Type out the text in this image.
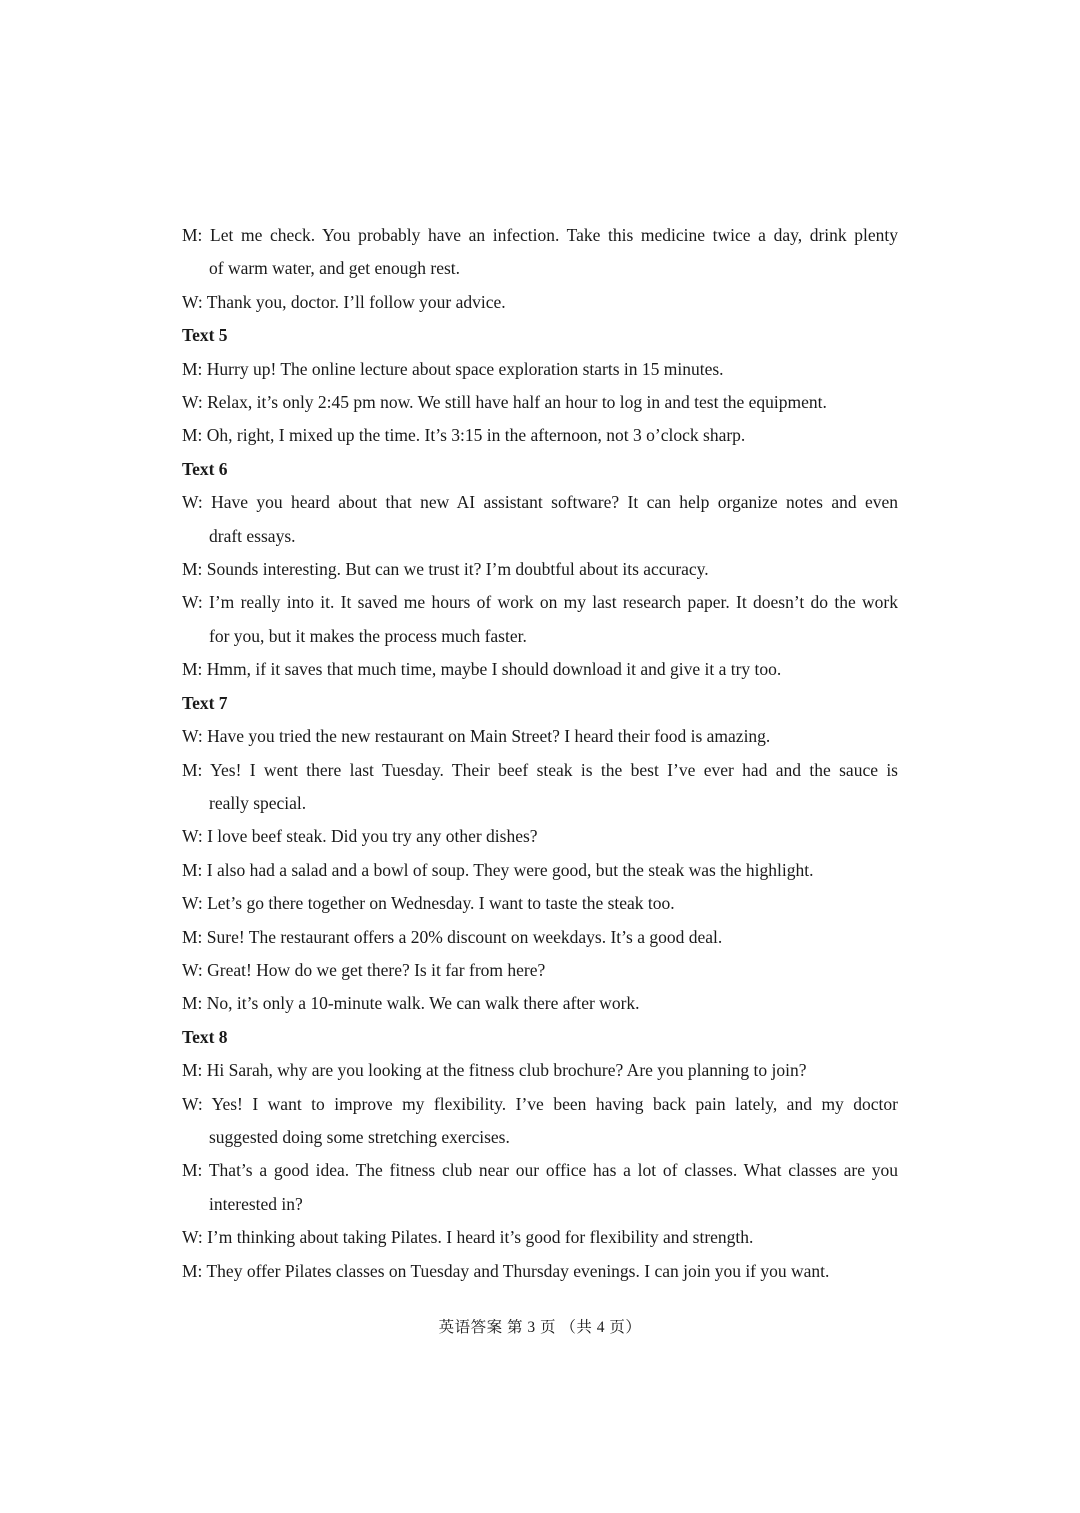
M: Let me check. You probably have an infection. Take this medicine twice a day, drink plenty

of warm water, and get enough rest.

W: Thank you, doctor. I’ll follow your advice.

Text 5

M: Hurry up! The online lecture about space exploration starts in 15 minutes.

W: Relax, it’s only 2:45 pm now. We still have half an hour to log in and test the equipment.

M: Oh, right, I mixed up the time. It’s 3:15 in the afternoon, not 3 o’clock sharp.

Text 6

W: Have you heard about that new AI assistant software? It can help organize notes and even

draft essays.

M: Sounds interesting. But can we trust it? I’m doubtful about its accuracy.

W: I’m really into it. It saved me hours of work on my last research paper. It doesn’t do the work

for you, but it makes the process much faster.

M: Hmm, if it saves that much time, maybe I should download it and give it a try too.

Text 7

W: Have you tried the new restaurant on Main Street? I heard their food is amazing.

M: Yes! I went there last Tuesday. Their beef steak is the best I’ve ever had and the sauce is

really special.

W: I love beef steak. Did you try any other dishes?

M: I also had a salad and a bowl of soup. They were good, but the steak was the highlight.

W: Let’s go there together on Wednesday. I want to taste the steak too.

M: Sure! The restaurant offers a 20% discount on weekdays. It’s a good deal.

W: Great! How do we get there? Is it far from here?

M: No, it’s only a 10-minute walk. We can walk there after work.

Text 8

M: Hi Sarah, why are you looking at the fitness club brochure? Are you planning to join?

W: Yes! I want to improve my flexibility. I’ve been having back pain lately, and my doctor

suggested doing some stretching exercises.

M: That’s a good idea. The fitness club near our office has a lot of classes. What classes are you

interested in?

W: I’m thinking about taking Pilates. I heard it’s good for flexibility and strength.

M: They offer Pilates classes on Tuesday and Thursday evenings. I can join you if you want.

英语答案 第 3 页 （共 4 页）
